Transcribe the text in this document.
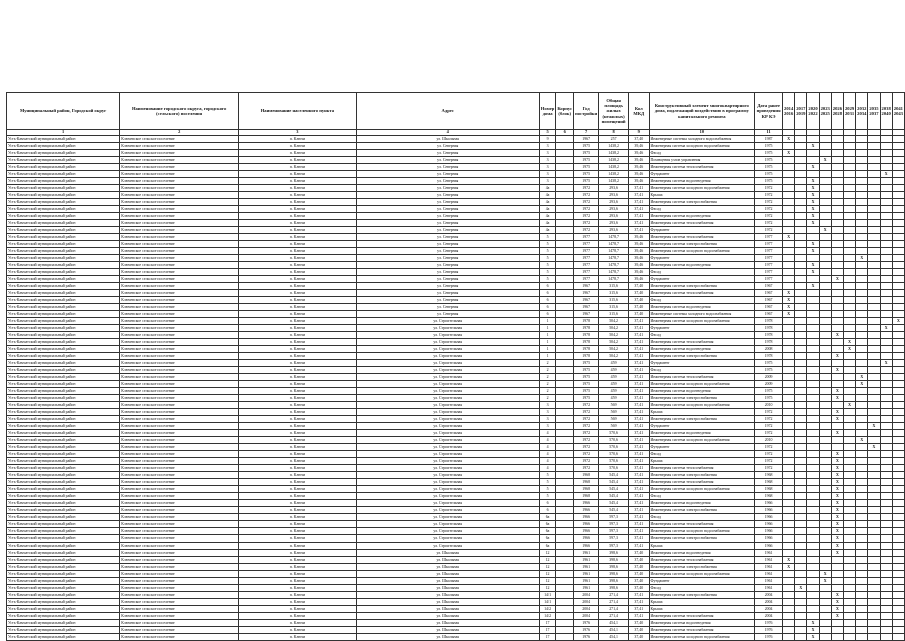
Муниципальный район, Городской округ	Наименование городского округа, городского (сельского) поселения	Наименование населенного пункта	Адрес	Номер дома	Корпус (блок)	Год постройки	Общая площадь жилых (нежилых) помещений	Кол МКД	Конструктивный элемент многоквартирного дома, подлежащий воздействию в программу капитального ремонта	Дата ранее проведения КР КЭ	2014 2016	2017 2019	2020 2022	2023 2025	2026 2028	2029 2031	2032 2034	2035 2037	2038 2040	2041 2043
1	2	3	4	5	6	7	8	9	10	11										
Усть-Камчатский муниципальный район	Ключевское сельское поселение	п. Ключи	ул. Школьная	9		1967	257	37,40	Инженерные системы холодного водоснабжения	1987	X									
Усть-Камчатский муниципальный район	Ключевское сельское поселение	п. Ключи	ул. Северная	3		1975	1438,2	39,46	Инженерная система холодного водоснабжения	1975			X							
Усть-Камчатский муниципальный район	Ключевское сельское поселение	п. Ключи	ул. Северная	3		1975	1438,2	39,46	Фасад	1975	X									
Усть-Камчатский муниципальный район	Ключевское сельское поселение	п. Ключи	ул. Северная	3		1975	1438,2	39,46	Помещения узлов управления	1975				X						
Усть-Камчатский муниципальный район	Ключевское сельское поселение	п. Ключи	ул. Северная	3		1975	1438,2	39,46	Инженерная система теплоснабжения	1975			X							
Усть-Камчатский муниципальный район	Ключевское сельское поселение	п. Ключи	ул. Северная	3		1975	1438,2	39,46	Фундамент	1975									X	
Усть-Камчатский муниципальный район	Ключевское сельское поселение	п. Ключи	ул. Северная	3		1975	1438,2	39,46	Инженерная система водоотведения	1975			X							
Усть-Камчатский муниципальный район	Ключевское сельское поселение	п. Ключи	ул. Северная	4а		1972	293,6	37,41	Инженерная система холодного водоснабжения	1972			X							
Усть-Камчатский муниципальный район	Ключевское сельское поселение	п. Ключи	ул. Северная	4а		1972	293,6	37,41	Крыша	1972			X							
Усть-Камчатский муниципальный район	Ключевское сельское поселение	п. Ключи	ул. Северная	4а		1972	293,6	37,41	Инженерная система электроснабжения	1972			X							
Усть-Камчатский муниципальный район	Ключевское сельское поселение	п. Ключи	ул. Северная	4а		1972	293,6	37,41	Фасад	1972			X							
Усть-Камчатский муниципальный район	Ключевское сельское поселение	п. Ключи	ул. Северная	4а		1972	293,6	37,41	Инженерная система водоотведения	1972			X							
Усть-Камчатский муниципальный район	Ключевское сельское поселение	п. Ключи	ул. Северная	4а		1972	293,6	37,41	Инженерная система теплоснабжения	1972			X							
Усть-Камчатский муниципальный район	Ключевское сельское поселение	п. Ключи	ул. Северная	4а		1972	293,6	37,41	Фундамент	1972				X						
Усть-Камчатский муниципальный район	Ключевское сельское поселение	п. Ключи	ул. Северная	5		1977	1478,7	39,46	Инженерная система теплоснабжения	1977	X									
Усть-Камчатский муниципальный район	Ключевское сельское поселение	п. Ключи	ул. Северная	5		1977	1478,7	39,46	Инженерная система электроснабжения	1977			X							
Усть-Камчатский муниципальный район	Ключевское сельское поселение	п. Ключи	ул. Северная	5		1977	1478,7	39,46	Инженерная система холодного водоснабжения	1977			X							
Усть-Камчатский муниципальный район	Ключевское сельское поселение	п. Ключи	ул. Северная	5		1977	1478,7	39,46	Фундамент	1977							X			
Усть-Камчатский муниципальный район	Ключевское сельское поселение	п. Ключи	ул. Северная	5		1977	1478,7	39,46	Инженерная система водоотведения	1977			X							
Усть-Камчатский муниципальный район	Ключевское сельское поселение	п. Ключи	ул. Северная	5		1977	1478,7	39,46	Фасад	1977			X							
Усть-Камчатский муниципальный район	Ключевское сельское поселение	п. Ключи	ул. Северная	5		1977	1478,7	39,46	Фундамент	1977					X					
Усть-Камчатский муниципальный район	Ключевское сельское поселение	п. Ключи	ул. Северная	6		1967	315,6	37,40	Инженерная система электроснабжения	1967			X							
Усть-Камчатский муниципальный район	Ключевское сельское поселение	п. Ключи	ул. Северная	6		1967	315,6	37,40	Инженерная система теплоснабжения	1967	X									
Усть-Камчатский муниципальный район	Ключевское сельское поселение	п. Ключи	ул. Северная	6		1967	315,6	37,40	Фасад	1967	X									
Усть-Камчатский муниципальный район	Ключевское сельское поселение	п. Ключи	ул. Северная	6		1967	315,6	37,40	Инженерная система водоотведения	1967	X									
Усть-Камчатский муниципальный район	Ключевское сельское поселение	п. Ключи	ул. Северная	6		1967	315,6	37,40	Инженерные системы холодного водоснабжения	1967	X									
Усть-Камчатский муниципальный район	Ключевское сельское поселение	п. Ключи	ул. Строительная	1		1978	504,2	37,41	Инженерная система холодного водоснабжения	1978										X
Усть-Камчатский муниципальный район	Ключевское сельское поселение	п. Ключи	ул. Строительная	1		1978	504,2	37,41	Фундамент	1978									X	
Усть-Камчатский муниципальный район	Ключевское сельское поселение	п. Ключи	ул. Строительная	1		1978	504,2	37,41	Фасад	1978					X					
Усть-Камчатский муниципальный район	Ключевское сельское поселение	п. Ключи	ул. Строительная	1		1978	504,2	37,41	Инженерная система теплоснабжения	1978						X				
Усть-Камчатский муниципальный район	Ключевское сельское поселение	п. Ключи	ул. Строительная	1		1978	504,2	37,41	Инженерная система водоотведения	2008						X				
Усть-Камчатский муниципальный район	Ключевское сельское поселение	п. Ключи	ул. Строительная	1		1978	504,2	37,41	Инженерная система электроснабжения	1978					X					
Усть-Камчатский муниципальный район	Ключевское сельское поселение	п. Ключи	ул. Строительная	2		1975	459	37,41	Фундамент	1975									X	
Усть-Камчатский муниципальный район	Ключевское сельское поселение	п. Ключи	ул. Строительная	2		1975	459	37,41	Фасад	1975					X					
Усть-Камчатский муниципальный район	Ключевское сельское поселение	п. Ключи	ул. Строительная	2		1975	459	37,41	Инженерная система теплоснабжения	2009							X			
Усть-Камчатский муниципальный район	Ключевское сельское поселение	п. Ключи	ул. Строительная	2		1975	459	37,41	Инженерная система холодного водоснабжения	2009							X			
Усть-Камчатский муниципальный район	Ключевское сельское поселение	п. Ключи	ул. Строительная	2		1975	459	37,41	Инженерная система водоотведения	1975					X					
Усть-Камчатский муниципальный район	Ключевское сельское поселение	п. Ключи	ул. Строительная	2		1975	459	37,41	Инженерная система электроснабжения	1975					X					
Усть-Камчатский муниципальный район	Ключевское сельское поселение	п. Ключи	ул. Строительная	3		1972	569	37,41	Инженерная система холодного водоснабжения	2010						X				
Усть-Камчатский муниципальный район	Ключевское сельское поселение	п. Ключи	ул. Строительная	3		1972	569	37,41	Крыша	1972					X					
Усть-Камчатский муниципальный район	Ключевское сельское поселение	п. Ключи	ул. Строительная	3		1972	569	37,41	Инженерная система электроснабжения	1972					X					
Усть-Камчатский муниципальный район	Ключевское сельское поселение	п. Ключи	ул. Строительная	3		1972	569	37,41	Фундамент	1972								X		
Усть-Камчатский муниципальный район	Ключевское сельское поселение	п. Ключи	ул. Строительная	4		1972	570,6	37,41	Инженерная система водоотведения	1972					X					
Усть-Камчатский муниципальный район	Ключевское сельское поселение	п. Ключи	ул. Строительная	4		1972	570,6	37,41	Инженерная система холодного водоснабжения	2010							X			
Усть-Камчатский муниципальный район	Ключевское сельское поселение	п. Ключи	ул. Строительная	4		1972	570,6	37,41	Фундамент	1972								X		
Усть-Камчатский муниципальный район	Ключевское сельское поселение	п. Ключи	ул. Строительная	4		1972	570,6	37,41	Фасад	1972					X					
Усть-Камчатский муниципальный район	Ключевское сельское поселение	п. Ключи	ул. Строительная	4		1972	570,6	37,41	Крыша	1972					X					
Усть-Камчатский муниципальный район	Ключевское сельское поселение	п. Ключи	ул. Строительная	4		1972	570,6	37,41	Инженерная система теплоснабжения	1972					X					
Усть-Камчатский муниципальный район	Ключевское сельское поселение	п. Ключи	ул. Строительная	5		1968	545,4	37,41	Инженерная система электроснабжения	1968					X					
Усть-Камчатский муниципальный район	Ключевское сельское поселение	п. Ключи	ул. Строительная	5		1968	545,4	37,41	Инженерная система теплоснабжения	1968					X					
Усть-Камчатский муниципальный район	Ключевское сельское поселение	п. Ключи	ул. Строительная	5		1968	545,4	37,41	Инженерная система холодного водоснабжения	1968					X					
Усть-Камчатский муниципальный район	Ключевское сельское поселение	п. Ключи	ул. Строительная	5		1968	545,4	37,41	Фасад	1968					X					
Усть-Камчатский муниципальный район	Ключевское сельское поселение	п. Ключи	ул. Строительная	6		1966	545,4	37,41	Инженерная система водоотведения	1966					X					
Усть-Камчатский муниципальный район	Ключевское сельское поселение	п. Ключи	ул. Строительная	6		1966	545,4	37,41	Инженерная система электроснабжения	1966					X					
Усть-Камчатский муниципальный район	Ключевское сельское поселение	п. Ключи	ул. Строительная	6а		1966	597,3	37,41	Фасад	1966					X					
Усть-Камчатский муниципальный район	Ключевское сельское поселение	п. Ключи	ул. Строительная	6а		1966	597,3	37,41	Инженерная система теплоснабжения	1966					X					
Усть-Камчатский муниципальный район	Ключевское сельское поселение	п. Ключи	ул. Строительная	6а		1966	597,3	37,41	Инженерная система холодного водоснабжения	1966					X					
Усть-Камчатский муниципальный район	Ключевское сельское поселение	п. Ключи	ул. Строительная	6а		1966	597,3	37,41	Инженерная система электроснабжения	1966					X					
Усть-Камчатский муниципальный район	Ключевское сельское поселение	п. Ключи	ул. Строительная	6а		1966	597,3	37,41	Крыша	1966					X					
Усть-Камчатский муниципальный район	Ключевское сельское поселение	п. Ключи	ул. Школьная	12		1961	398,6	37,40	Инженерная система водоотведения	1961					X					
Усть-Камчатский муниципальный район	Ключевское сельское поселение	п. Ключи	ул. Школьная	12		1961	398,6	37,40	Инженерная система теплоснабжения	1961	X									
Усть-Камчатский муниципальный район	Ключевское сельское поселение	п. Ключи	ул. Школьная	12		1961	398,6	37,40	Инженерная система электроснабжения	1961	X									
Усть-Камчатский муниципальный район	Ключевское сельское поселение	п. Ключи	ул. Школьная	12		1961	398,6	37,40	Инженерная система холодного водоснабжения	1961				X						
Усть-Камчатский муниципальный район	Ключевское сельское поселение	п. Ключи	ул. Школьная	12		1961	398,6	37,40	Фундамент	1961				X						
Усть-Камчатский муниципальный район	Ключевское сельское поселение	п. Ключи	ул. Школьная	12		1961	398,6	37,40	Фасад	1961		X								
Усть-Камчатский муниципальный район	Ключевское сельское поселение	п. Ключи	ул. Школьная	14/1		2004	271,4	37,41	Инженерная система электроснабжения	2004					X					
Усть-Камчатский муниципальный район	Ключевское сельское поселение	п. Ключи	ул. Школьная	14/1		2004	271,4	37,41	Крыша	2004					X					
Усть-Камчатский муниципальный район	Ключевское сельское поселение	п. Ключи	ул. Школьная	14/2		2004	271,4	37,41	Крыша	2004					X					
Усть-Камчатский муниципальный район	Ключевское сельское поселение	п. Ключи	ул. Школьная	14/2		2004	271,4	37,41	Инженерная система теплоснабжения	2004					X					
Усть-Камчатский муниципальный район	Ключевское сельское поселение	п. Ключи	ул. Школьная	17		1976	454,1	37,40	Инженерная система водоотведения	1976			X							
Усть-Камчатский муниципальный район	Ключевское сельское поселение	п. Ключи	ул. Школьная	17		1976	454,1	37,40	Инженерная система теплоснабжения	1976			X							
Усть-Камчатский муниципальный район	Ключевское сельское поселение	п. Ключи	ул. Школьная	17		1976	454,1	37,40	Инженерная система холодного водоснабжения	1976			X							
